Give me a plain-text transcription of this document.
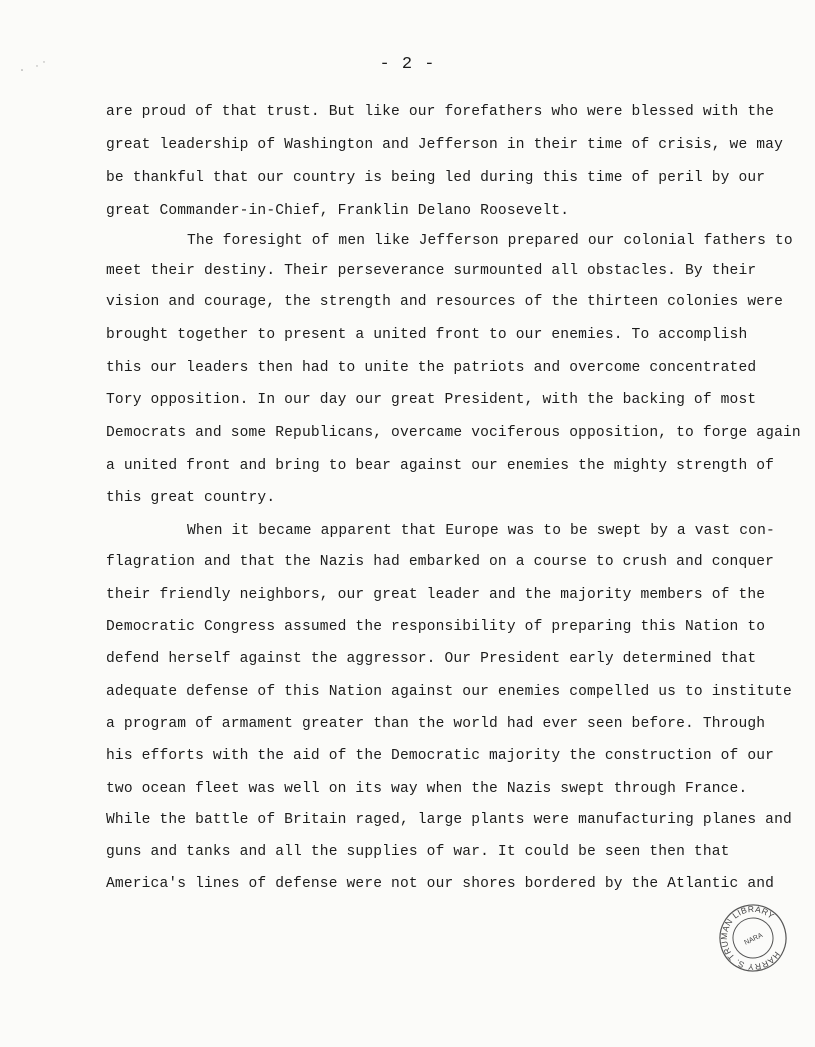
- 2 -
are proud of that trust. But like our forefathers who were blessed with the
great leadership of Washington and Jefferson in their time of crisis, we may
be thankful that our country is being led during this time of peril by our
great Commander-in-Chief, Franklin Delano Roosevelt.
The foresight of men like Jefferson prepared our colonial fathers to
meet their destiny. Their perseverance surmounted all obstacles. By their
vision and courage, the strength and resources of the thirteen colonies were
brought together to present a united front to our enemies. To accomplish
this our leaders then had to unite the patriots and overcome concentrated
Tory opposition. In our day our great President, with the backing of most
Democrats and some Republicans, overcame vociferous opposition, to forge again
a united front and bring to bear against our enemies the mighty strength of
this great country.
When it became apparent that Europe was to be swept by a vast con-
flagration and that the Nazis had embarked on a course to crush and conquer
their friendly neighbors, our great leader and the majority members of the
Democratic Congress assumed the responsibility of preparing this Nation to
defend herself against the aggressor. Our President early determined that
adequate defense of this Nation against our enemies compelled us to institute
a program of armament greater than the world had ever seen before. Through
his efforts with the aid of the Democratic majority the construction of our
two ocean fleet was well on its way when the Nazis swept through France.
While the battle of Britain raged, large plants were manufacturing planes and
guns and tanks and all the supplies of war. It could be seen then that
America's lines of defense were not our shores bordered by the Atlantic and
HARRY S. TRUMAN LIBRARY
NARA
